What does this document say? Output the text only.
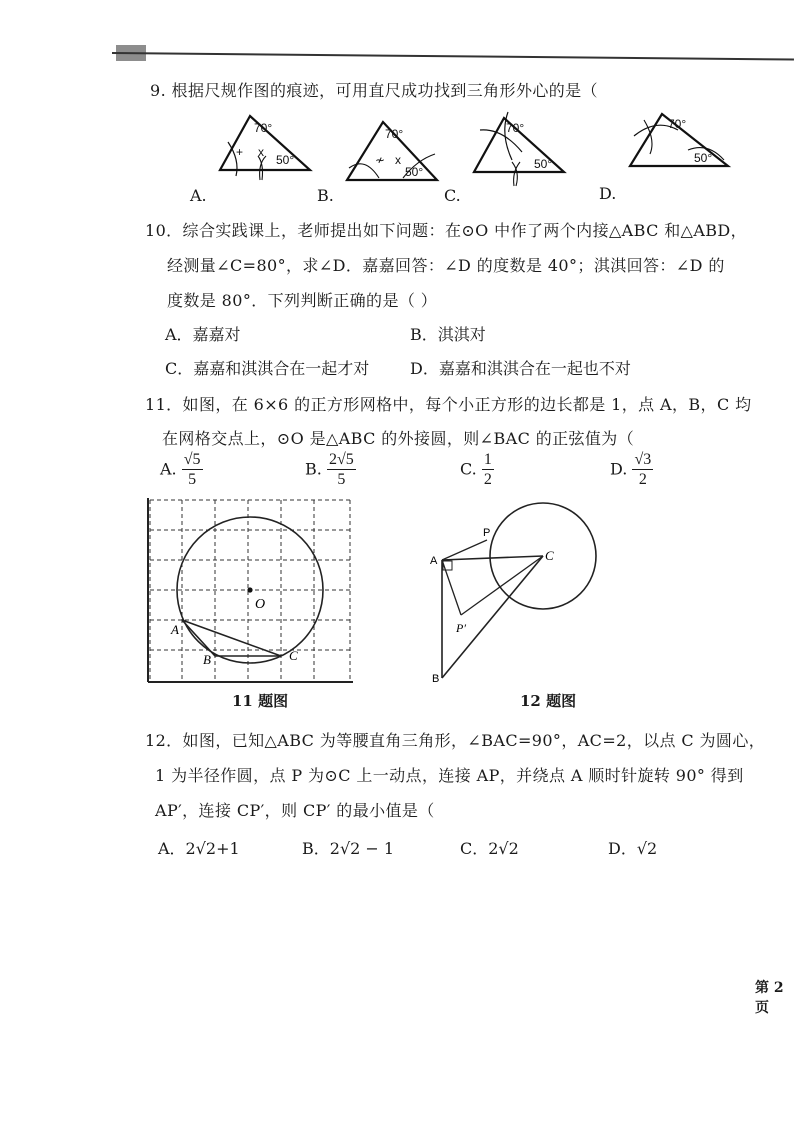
9. 根据尺规作图的痕迹，可用直尺成功找到三角形外心的是（
+ x
70°
50°	≁ x
70°
50°
70°
50°
70°
50°
A.	B.	C.	D.
10．综合实践课上，老师提出如下问题：在⊙O 中作了两个内接△ABC 和△ABD，
经测量∠C=80°，求∠D．嘉嘉回答：∠D 的度数是 40°；淇淇回答：∠D 的
度数是 80°．下列判断正确的是（ ）
A．嘉嘉对	B．淇淇对
C．嘉嘉和淇淇合在一起才对	D．嘉嘉和淇淇合在一起也不对
11．如图，在 6×6 的正方形网格中，每个小正方形的边长都是 1，点 A，B，C 均
在网格交点上，⊙O 是△ABC 的外接圆，则∠BAC 的正弦值为（
A. $\frac{√5}{5}$	B. $\frac{2√5}{5}$	C. $\frac{1}{2}$	D. $\frac{√3}{2}$
O
A
B	C
11 题图
A
P
C
P′
B
12 题图
12．如图，已知△ABC 为等腰直角三角形，∠BAC=90°，AC=2，以点 C 为圆心，
1 为半径作圆，点 P 为⊙C 上一动点，连接 AP，并绕点 A 顺时针旋转 90° 得到
AP′，连接 CP′，则 CP′ 的最小值是（
A．2√2+1	B．2√2 − 1	C．2√2	D．√2
第 2 页
